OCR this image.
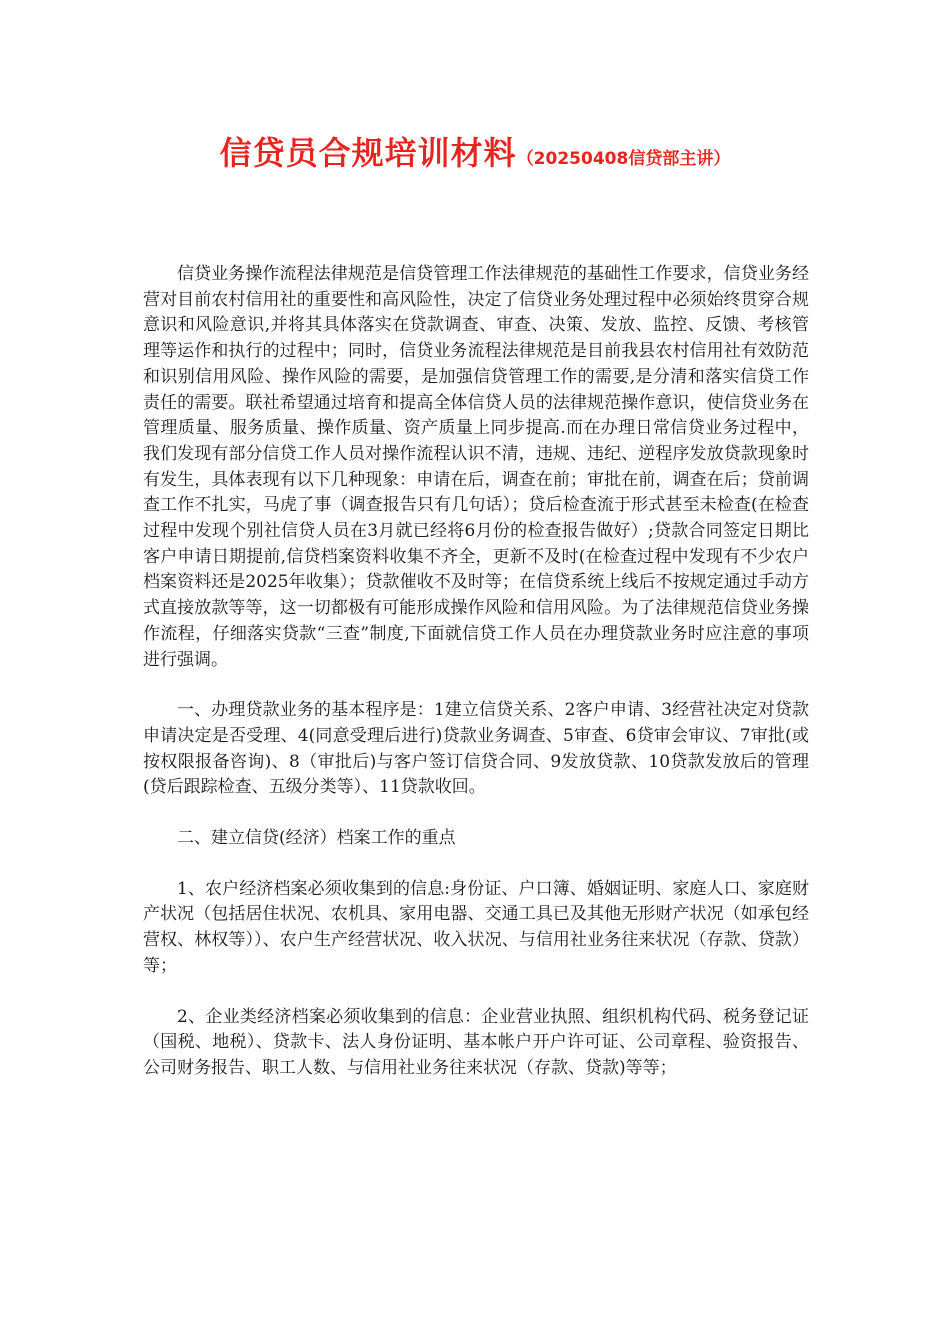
信贷员合规培训材料（20250408信贷部主讲）

信贷业务操作流程法律规范是信贷管理工作法律规范的基础性工作要求，信贷业务经营对目前农村信用社的重要性和高风险性，决定了信贷业务处理过程中必须始终贯穿合规意识和风险意识,并将其具体落实在贷款调查、审查、决策、发放、监控、反馈、考核管理等运作和执行的过程中；同时，信贷业务流程法律规范是目前我县农村信用社有效防范和识别信用风险、操作风险的需要，是加强信贷管理工作的需要,是分清和落实信贷工作责任的需要。联社希望通过培育和提高全体信贷人员的法律规范操作意识，使信贷业务在管理质量、服务质量、操作质量、资产质量上同步提高.而在办理日常信贷业务过程中，我们发现有部分信贷工作人员对操作流程认识不清，违规、违纪、逆程序发放贷款现象时有发生，具体表现有以下几种现象：申请在后，调查在前；审批在前，调查在后；贷前调查工作不扎实，马虎了事（调查报告只有几句话）；贷后检查流于形式甚至未检查(在检查过程中发现个别社信贷人员在3月就已经将6月份的检查报告做好）;贷款合同签定日期比客户申请日期提前,信贷档案资料收集不齐全，更新不及时(在检查过程中发现有不少农户档案资料还是2025年收集）；贷款催收不及时等；在信贷系统上线后不按规定通过手动方式直接放款等等，这一切都极有可能形成操作风险和信用风险。为了法律规范信贷业务操作流程，仔细落实贷款“三查”制度,下面就信贷工作人员在办理贷款业务时应注意的事项进行强调。

一、办理贷款业务的基本程序是：1建立信贷关系、2客户申请、3经营社决定对贷款申请决定是否受理、4(同意受理后进行)贷款业务调查、5审查、6贷审会审议、7审批(或按权限报备咨询)、8（审批后)与客户签订信贷合同、9发放贷款、10贷款发放后的管理(贷后跟踪检查、五级分类等）、11贷款收回。

二、建立信贷(经济）档案工作的重点

1、农户经济档案必须收集到的信息:身份证、户口簿、婚姻证明、家庭人口、家庭财产状况（包括居住状况、农机具、家用电器、交通工具已及其他无形财产状况（如承包经营权、林权等））、农户生产经营状况、收入状况、与信用社业务往来状况（存款、贷款）等；

2、企业类经济档案必须收集到的信息：企业营业执照、组织机构代码、税务登记证（国税、地税）、贷款卡、法人身份证明、基本帐户开户许可证、公司章程、验资报告、公司财务报告、职工人数、与信用社业务往来状况（存款、贷款)等等；
